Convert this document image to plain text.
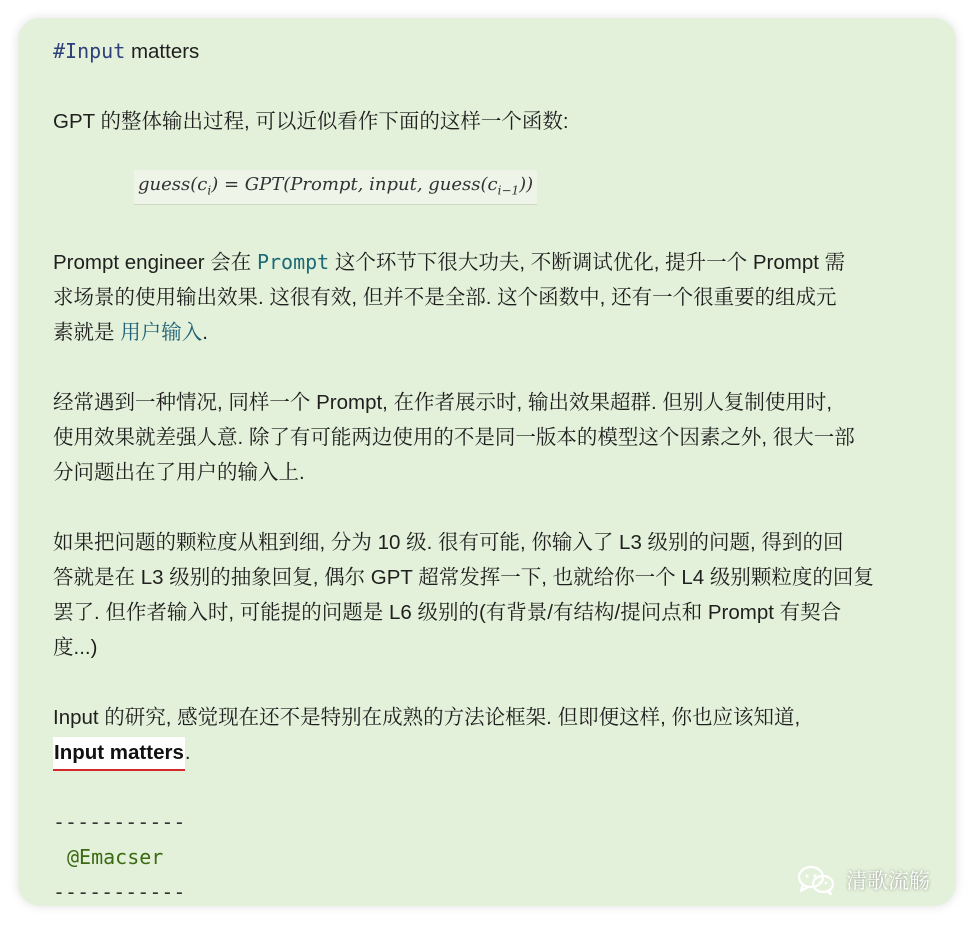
#Input matters
GPT 的整体输出过程, 可以近似看作下面的这样一个函数:
$guess(c_i)$ = GPT(Prompt, input, $guess(c_{i-1})$)
Prompt engineer 会在 Prompt 这个环节下很大功夫, 不断调试优化, 提升一个 Prompt 需
求场景的使用输出效果. 这很有效, 但并不是全部. 这个函数中, 还有一个很重要的组成元
素就是 用户输入.
经常遇到一种情况, 同样一个 Prompt, 在作者展示时, 输出效果超群. 但别人复制使用时,
使用效果就差强人意. 除了有可能两边使用的不是同一版本的模型这个因素之外, 很大一部
分问题出在了用户的输入上.
如果把问题的颗粒度从粗到细, 分为 10 级. 很有可能, 你输入了 L3 级别的问题, 得到的回
答就是在 L3 级别的抽象回复, 偶尔 GPT 超常发挥一下, 也就给你一个 L4 级别颗粒度的回复
罢了. 但作者输入时, 可能提的问题是 L6 级别的(有背景/有结构/提问点和 Prompt 有契合
度...)
Input 的研究, 感觉现在还不是特别在成熟的方法论框架. 但即便这样, 你也应该知道,
Input matters.
-----------
@Emacser
-----------	清歌流觞
